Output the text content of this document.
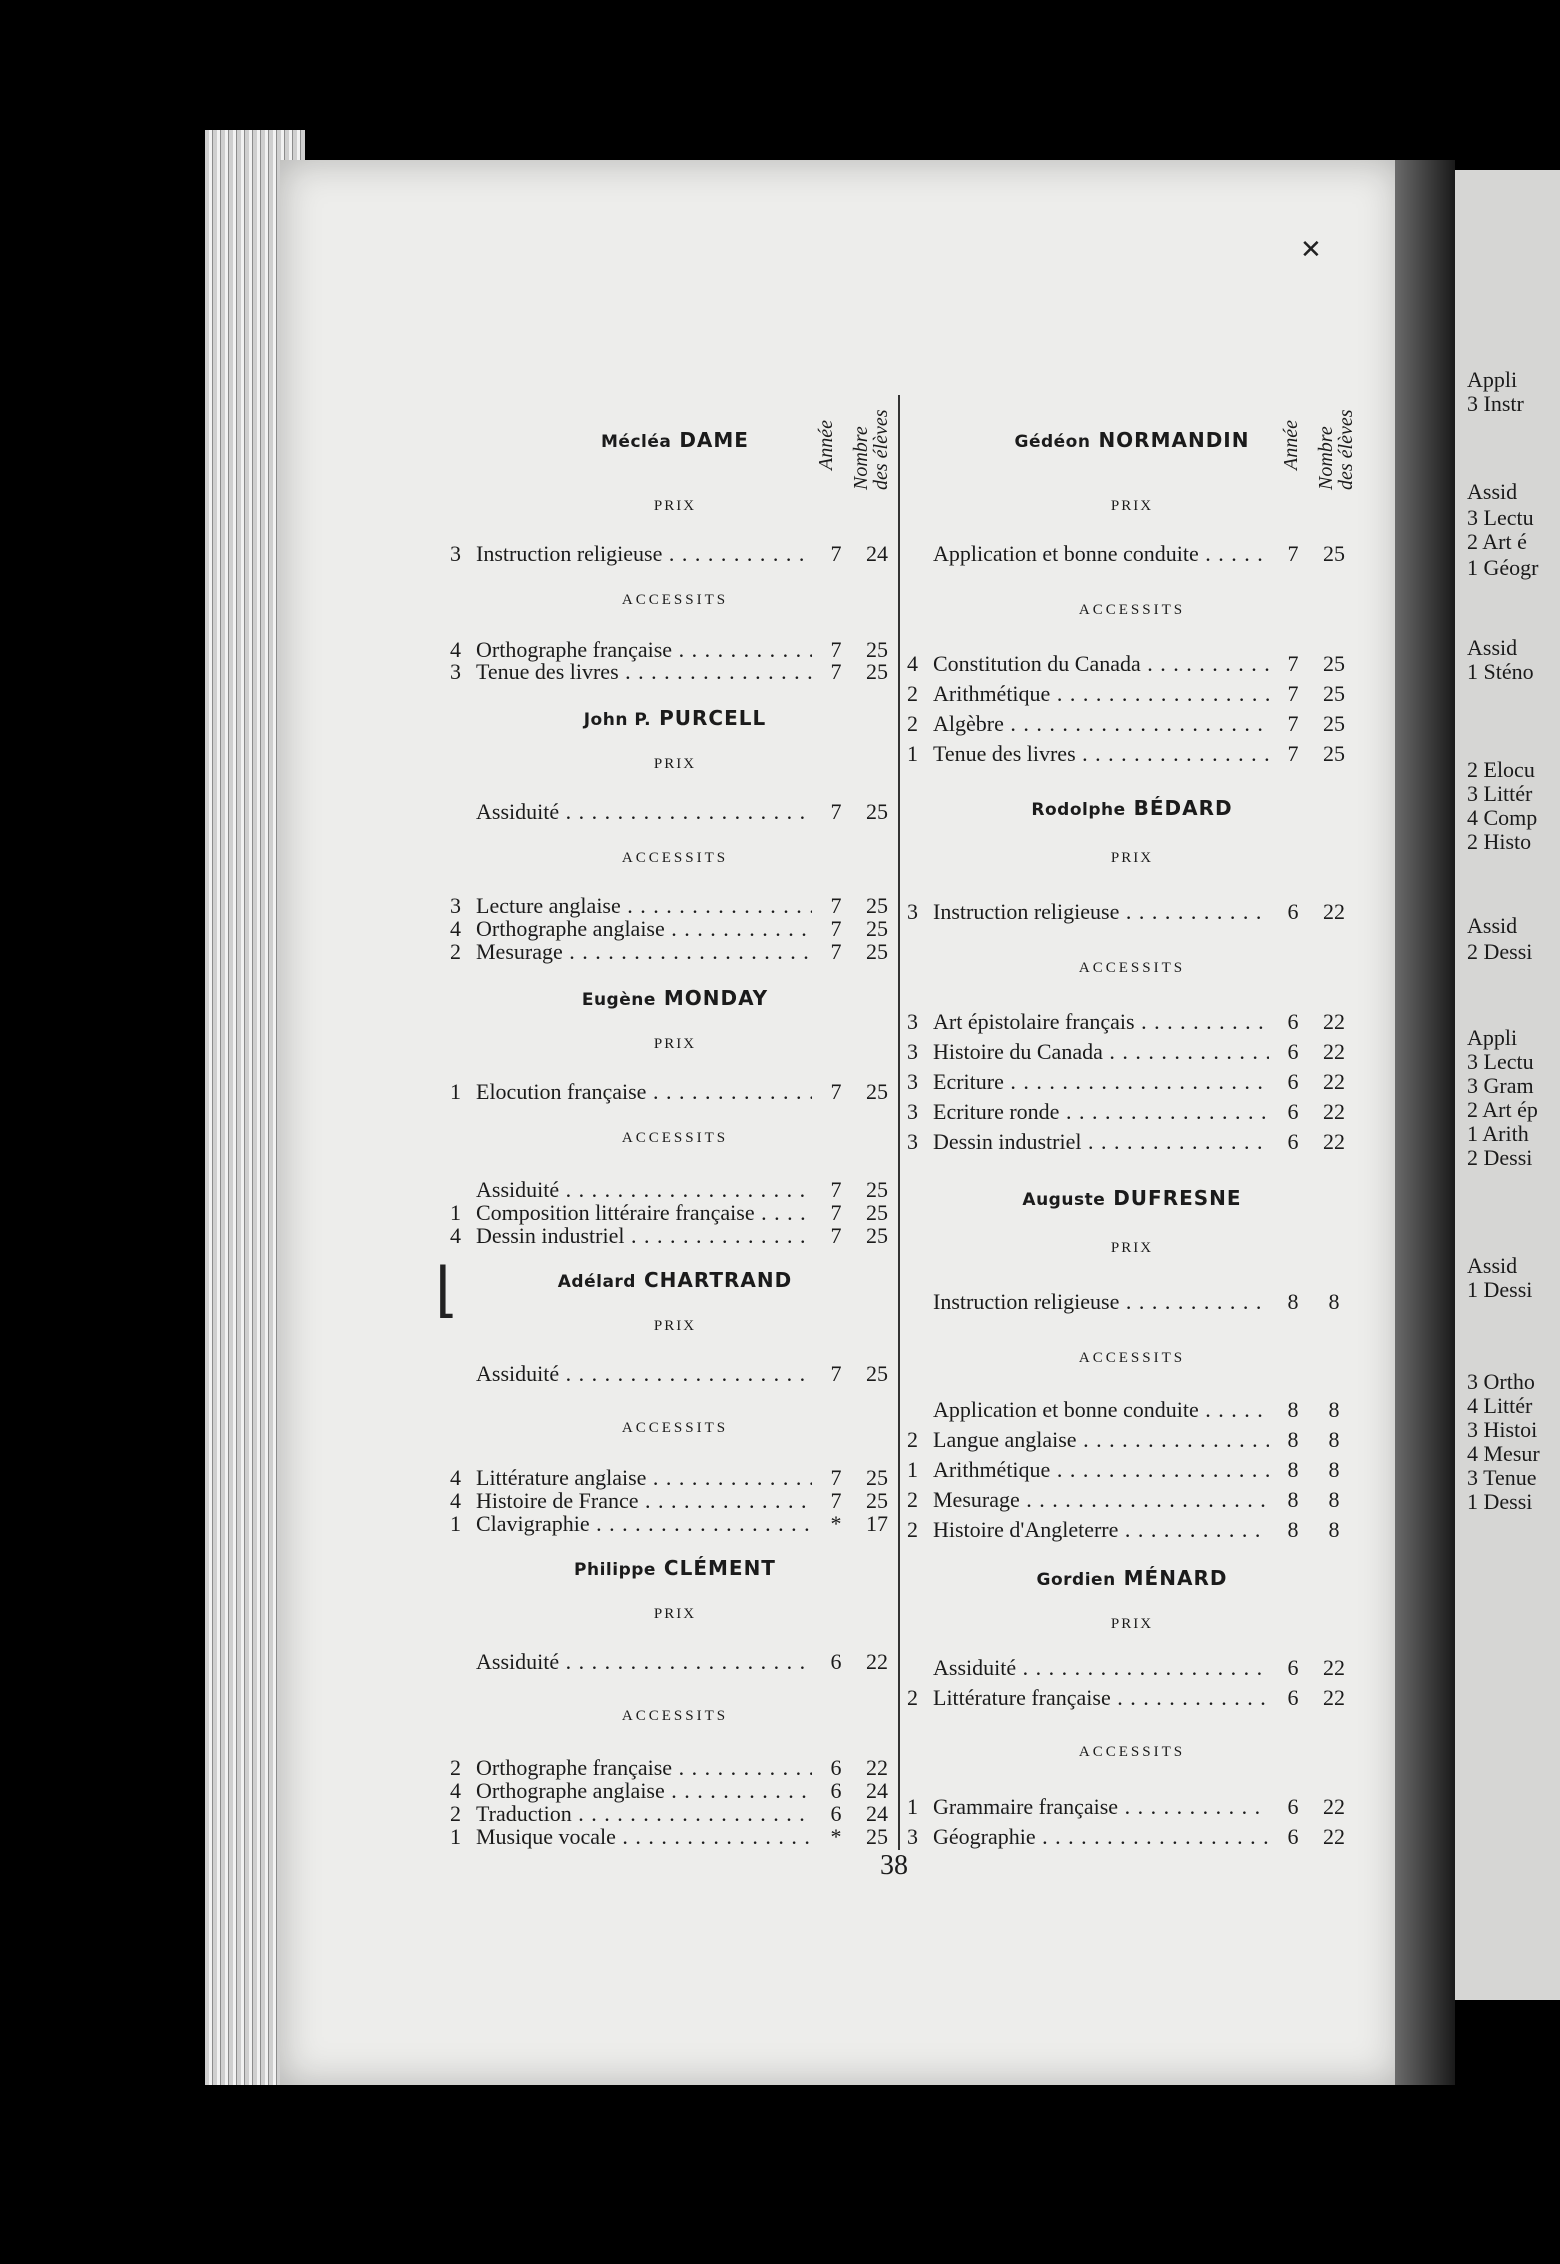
Appli
3 Instr
Assid
3 Lectu
2 Art é
1 Géogr
Assid
1 Sténo
2 Elocu
3 Littér
4 Comp
2 Histo
Assid
2 Dessi
Appli
3 Lectu
3 Gram
2 Art ép
1 Arith
2 Dessi
Assid
1 Dessi
3 Ortho
4 Littér
3 Histoi
4 Mesur
3 Tenue
1 Dessi
Année Nombre
des élèves	Année Nombre
des élèves
Mécléa DAME
PRIX
3 Instruction religieuse . . .	7	24
ACCESSITS
4 Orthographe française . . .	7	25
3 Tenue des livres . . .	7	25
John P. PURCELL
PRIX
Assiduité . . .	7	25
ACCESSITS
3 Lecture anglaise . . .	7	25
4 Orthographe anglaise . . .	7	25
2 Mesurage . . .	7	25
Eugène MONDAY
PRIX
1 Elocution française . . .	7	25
ACCESSITS
Assiduité . . .	7	25
1 Composition littéraire française . . .	7	25
4 Dessin industriel . . .	7	25
Adélard CHARTRAND
PRIX
Assiduité . . .	7	25
ACCESSITS
4 Littérature anglaise . . .	7	25
4 Histoire de France . . .	7	25
1 Clavigraphie . . .	*	17
Philippe CLÉMENT
PRIX
Assiduité . . .	6	22
ACCESSITS
2 Orthographe française . . .	6	22
4 Orthographe anglaise . . .	6	24
2 Traduction . . .	6	24
1 Musique vocale . . .	*	25
Gédéon NORMANDIN
PRIX
Application et bonne conduite . . .	7	25
ACCESSITS
4 Constitution du Canada . . .	7	25
2 Arithmétique . . .	7	25
2 Algèbre . . .	7	25
1 Tenue des livres . . .	7	25
Rodolphe BÉDARD
PRIX
3 Instruction religieuse . . .	6	22
ACCESSITS
3 Art épistolaire français . . .	6	22
3 Histoire du Canada . . .	6	22
3 Ecriture . . .	6	22
3 Ecriture ronde . . .	6	22
3 Dessin industriel . . .	6	22
Auguste DUFRESNE
PRIX
Instruction religieuse . . .	8	8
ACCESSITS
Application et bonne conduite . . .	8	8
2 Langue anglaise . . .	8	8
1 Arithmétique . . .	8	8
2 Mesurage . . .	8	8
2 Histoire d'Angleterre . . .	8	8
Gordien MÉNARD
PRIX
Assiduité . . .	6	22
2 Littérature française . . .	6	22
ACCESSITS
1 Grammaire française . . .	6	22
3 Géographie . . .	6	22
38
✕
⌊
